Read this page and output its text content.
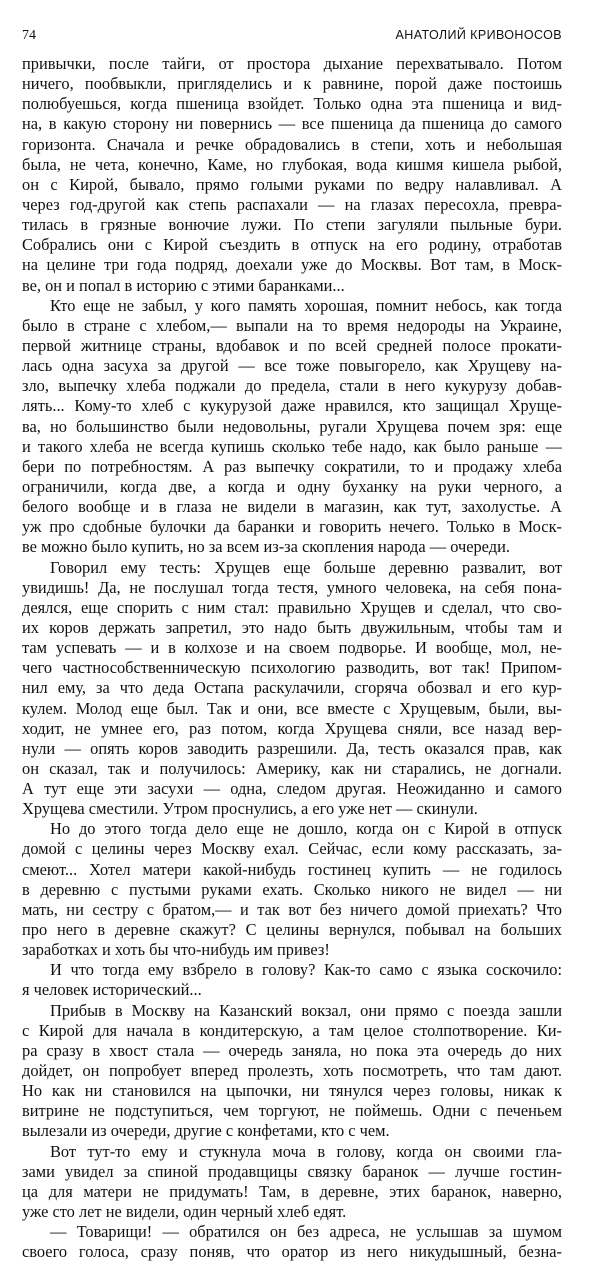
74	АНАТОЛИЙ КРИВОНОСОВ
привычки, после тайги, от простора дыхание перехватывало. Потом
ничего, пообвыкли, пригляделись и к равнине, порой даже постоишь
полюбуешься, когда пшеница взойдет. Только одна эта пшеница и вид-
на, в какую сторону ни повернись — все пшеница да пшеница до самого
горизонта. Сначала и речке обрадовались в степи, хоть и небольшая
была, не чета, конечно, Каме, но глубокая, вода кишмя кишела рыбой,
он с Кирой, бывало, прямо голыми руками по ведру налавливал. А
через год-другой как степь распахали — на глазах пересохла, превра-
тилась в грязные вонючие лужи. По степи загуляли пыльные бури.
Собрались они с Кирой съездить в отпуск на его родину, отработав
на целине три года подряд, доехали уже до Москвы. Вот там, в Моск-
ве, он и попал в историю с этими баранками...
Кто еще не забыл, у кого память хорошая, помнит небось, как тогда
было в стране с хлебом,— выпали на то время недороды на Украине,
первой житнице страны, вдобавок и по всей средней полосе прокати-
лась одна засуха за другой — все тоже повыгорело, как Хрущеву на-
зло, выпечку хлеба поджали до предела, стали в него кукурузу добав-
лять... Кому-то хлеб с кукурузой даже нравился, кто защищал Хруще-
ва, но большинство были недовольны, ругали Хрущева почем зря: еще
и такого хлеба не всегда купишь сколько тебе надо, как было раньше —
бери по потребностям. А раз выпечку сократили, то и продажу хлеба
ограничили, когда две, а когда и одну буханку на руки черного, а
белого вообще и в глаза не видели в магазин, как тут, захолустье. А
уж про сдобные булочки да баранки и говорить нечего. Только в Моск-
ве можно было купить, но за всем из-за скопления народа — очереди.
Говорил ему тесть: Хрущев еще больше деревню развалит, вот
увидишь! Да, не послушал тогда тестя, умного человека, на себя пона-
деялся, еще спорить с ним стал: правильно Хрущев и сделал, что сво-
их коров держать запретил, это надо быть двужильным, чтобы там и
там успевать — и в колхозе и на своем подворье. И вообще, мол, не-
чего частнособственническую психологию разводить, вот так! Припом-
нил ему, за что деда Остапа раскулачили, сгоряча обозвал и его кур-
кулем. Молод еще был. Так и они, все вместе с Хрущевым, были, вы-
ходит, не умнее его, раз потом, когда Хрущева сняли, все назад вер-
нули — опять коров заводить разрешили. Да, тесть оказался прав, как
он сказал, так и получилось: Америку, как ни старались, не догнали.
А тут еще эти засухи — одна, следом другая. Неожиданно и самого
Хрущева сместили. Утром проснулись, а его уже нет — скинули.
Но до этого тогда дело еще не дошло, когда он с Кирой в отпуск
домой с целины через Москву ехал. Сейчас, если кому рассказать, за-
смеют... Хотел матери какой-нибудь гостинец купить — не годилось
в деревню с пустыми руками ехать. Сколько никого не видел — ни
мать, ни сестру с братом,— и так вот без ничего домой приехать? Что
про него в деревне скажут? С целины вернулся, побывал на больших
заработках и хоть бы что-нибудь им привез!
И что тогда ему взбрело в голову? Как-то само с языка соскочило:
я человек исторический...
Прибыв в Москву на Казанский вокзал, они прямо с поезда зашли
с Кирой для начала в кондитерскую, а там целое столпотворение. Ки-
ра сразу в хвост стала — очередь заняла, но пока эта очередь до них
дойдет, он попробует вперед пролезть, хоть посмотреть, что там дают.
Но как ни становился на цыпочки, ни тянулся через головы, никак к
витрине не подступиться, чем торгуют, не поймешь. Одни с печеньем
вылезали из очереди, другие с конфетами, кто с чем.
Вот тут-то ему и стукнула моча в голову, когда он своими гла-
зами увидел за спиной продавщицы связку баранок — лучше гостин-
ца для матери не придумать! Там, в деревне, этих баранок, наверно,
уже сто лет не видели, один черный хлеб едят.
— Товарищи! — обратился он без адреса, не услышав за шумом
своего голоса, сразу поняв, что оратор из него никудышный, безна-
